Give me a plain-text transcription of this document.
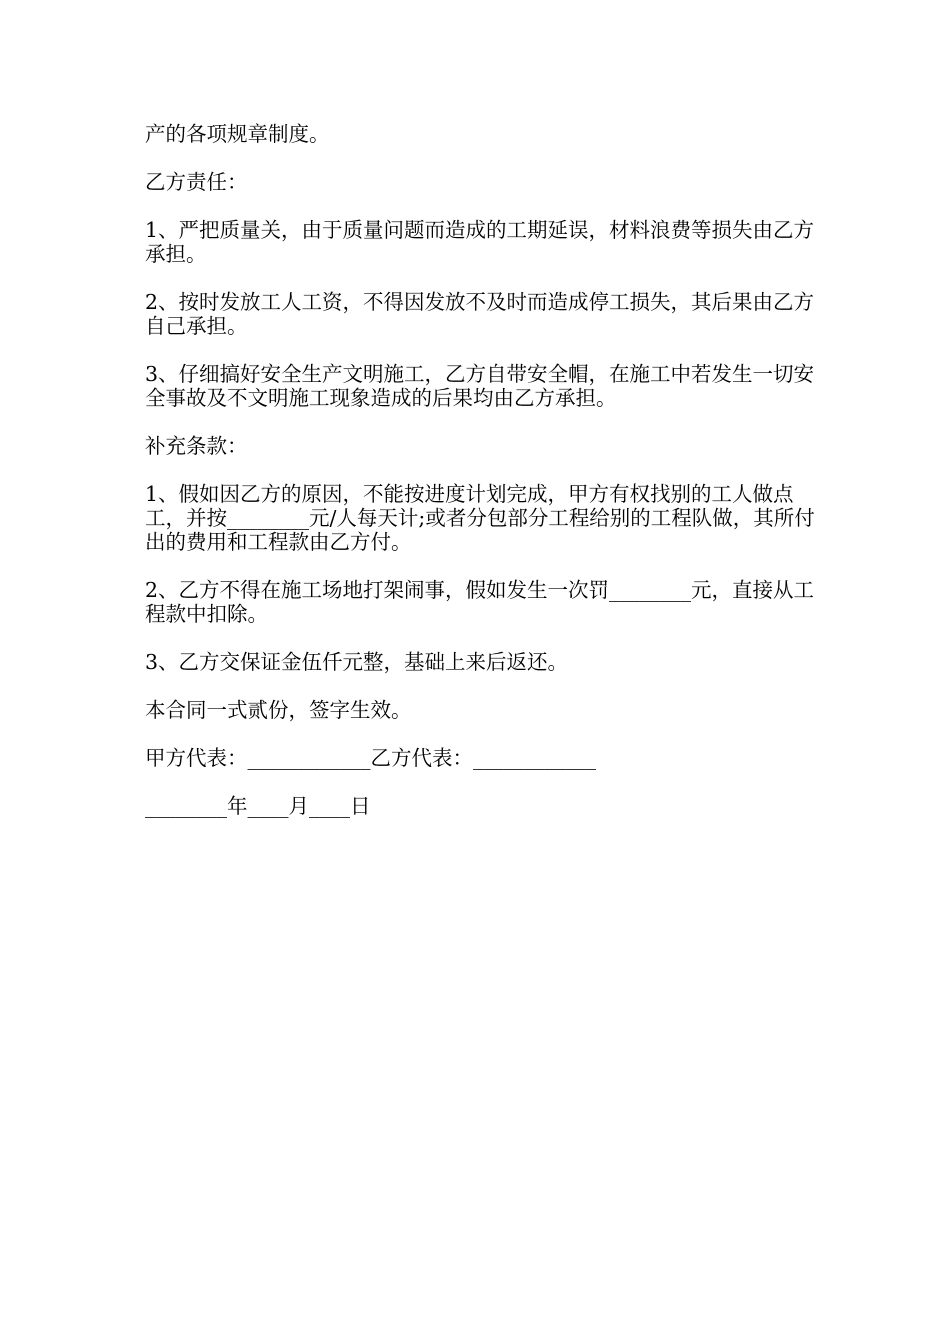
产的各项规章制度。

乙方责任：

1、严把质量关，由于质量问题而造成的工期延误，材料浪费等损失由乙方承担。

2、按时发放工人工资，不得因发放不及时而造成停工损失，其后果由乙方自己承担。

3、仔细搞好安全生产文明施工，乙方自带安全帽，在施工中若发生一切安全事故及不文明施工现象造成的后果均由乙方承担。

补充条款：

1、假如因乙方的原因，不能按进度计划完成，甲方有权找别的工人做点工，并按________元/人每天计;或者分包部分工程给别的工程队做，其所付出的费用和工程款由乙方付。

2、乙方不得在施工场地打架闹事，假如发生一次罚________元，直接从工程款中扣除。

3、乙方交保证金伍仟元整，基础上来后返还。

本合同一式贰份，签字生效。

甲方代表：____________乙方代表：____________

________年____月____日
